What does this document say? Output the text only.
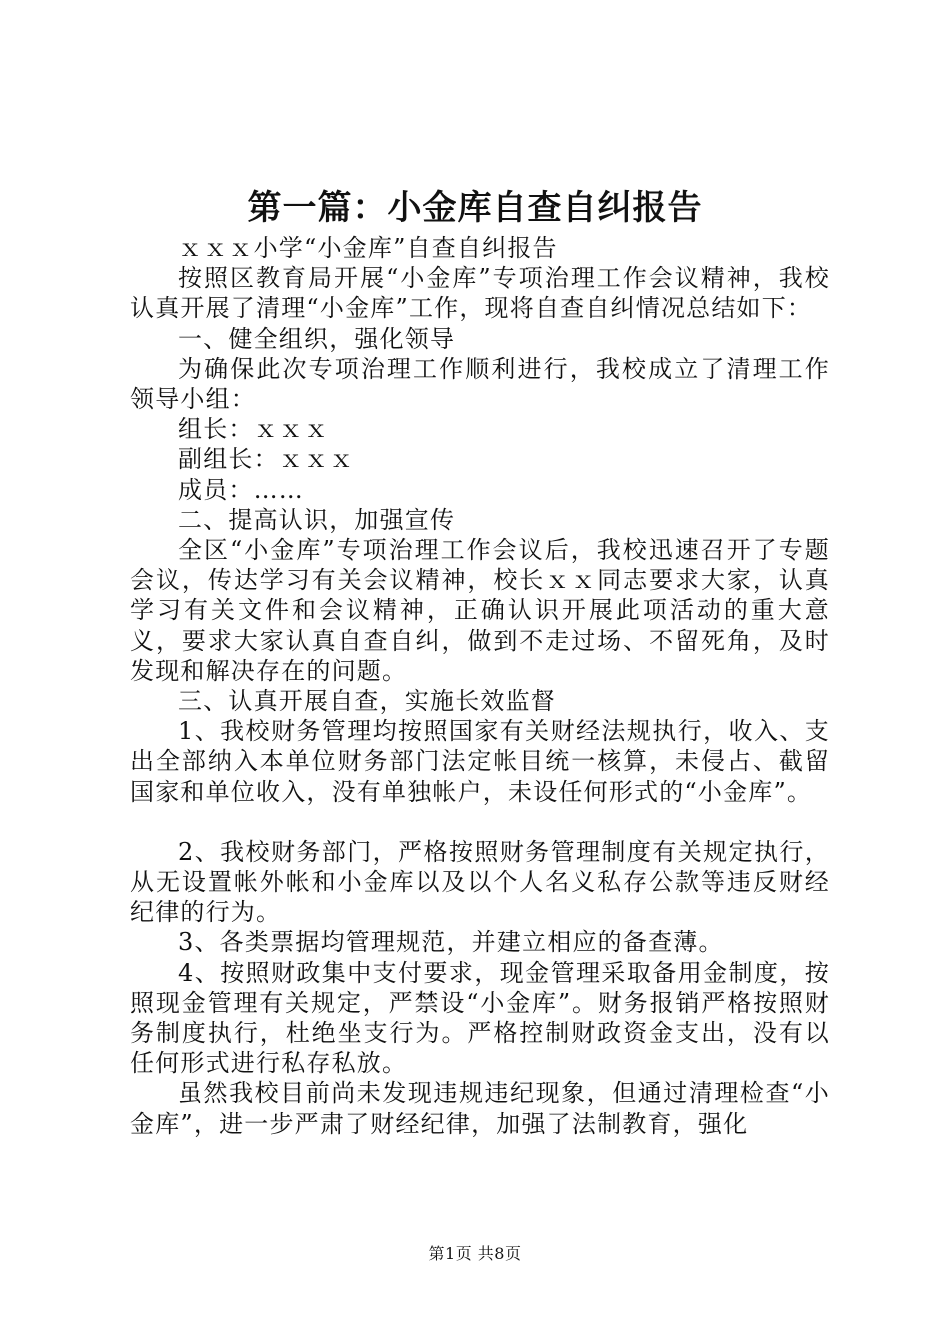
第一篇：小金库自查自纠报告

ｘｘｘ小学“小金库”自查自纠报告

按照区教育局开展“小金库”专项治理工作会议精神，我校认真开展了清理“小金库”工作，现将自查自纠情况总结如下：

一、健全组织，强化领导

为确保此次专项治理工作顺利进行，我校成立了清理工作领导小组：

组长：ｘｘｘ

副组长：ｘｘｘ

成员：……

二、提高认识，加强宣传

全区“小金库”专项治理工作会议后，我校迅速召开了专题会议，传达学习有关会议精神，校长ｘｘ同志要求大家，认真学习有关文件和会议精神，正确认识开展此项活动的重大意义，要求大家认真自查自纠，做到不走过场、不留死角，及时发现和解决存在的问题。

三、认真开展自查，实施长效监督

1、我校财务管理均按照国家有关财经法规执行，收入、支出全部纳入本单位财务部门法定帐目统一核算，未侵占、截留国家和单位收入，没有单独帐户，未设任何形式的“小金库”。

2、我校财务部门，严格按照财务管理制度有关规定执行，从无设置帐外帐和小金库以及以个人名义私存公款等违反财经纪律的行为。

3、各类票据均管理规范，并建立相应的备查薄。

4、按照财政集中支付要求，现金管理采取备用金制度，按照现金管理有关规定，严禁设“小金库”。财务报销严格按照财务制度执行，杜绝坐支行为。严格控制财政资金支出，没有以任何形式进行私存私放。

虽然我校目前尚未发现违规违纪现象，但通过清理检查“小金库”，进一步严肃了财经纪律，加强了法制教育，强化

第1页 共8页
